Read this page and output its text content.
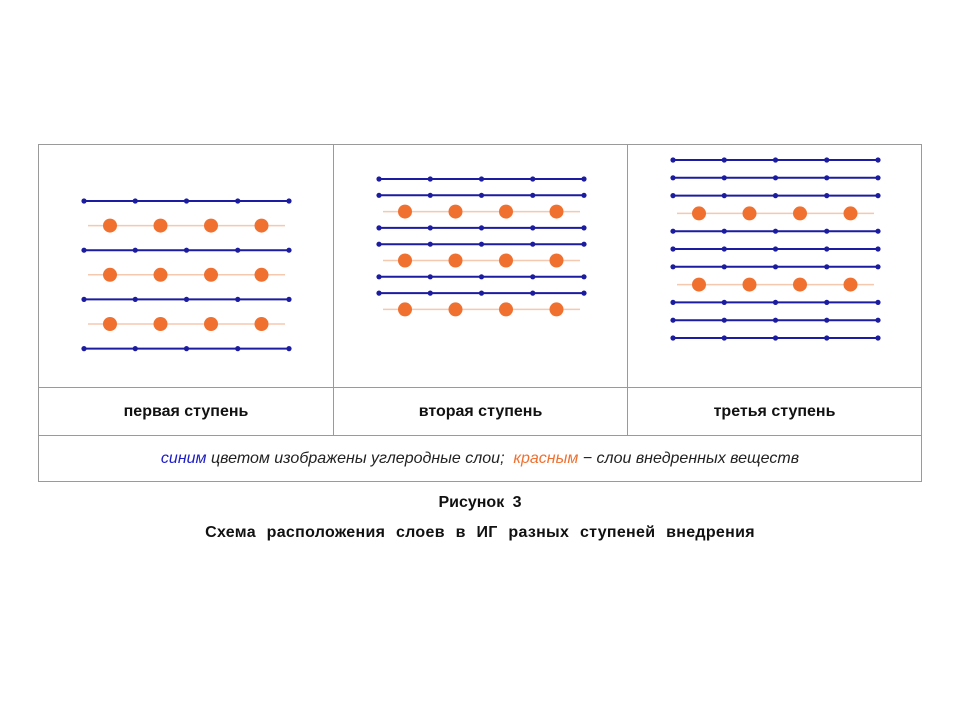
первая ступень	вторая ступень	третья ступень
синим цветом изображены углеродные слои; красным − слои внедренных веществ
Рисунок 3
Схема расположения слоев в ИГ разных ступеней внедрения
